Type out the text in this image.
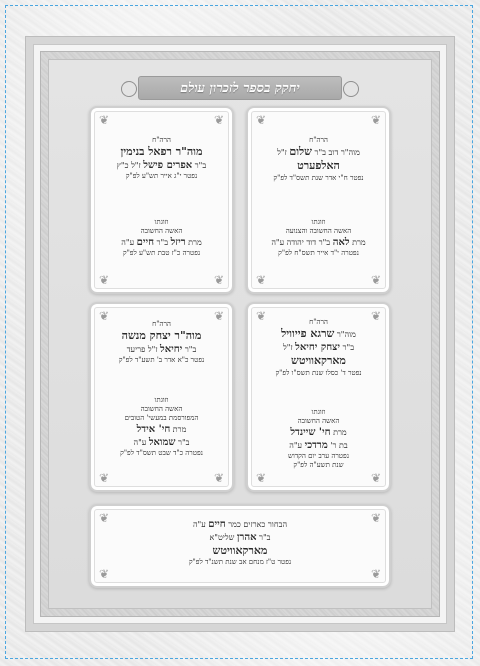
יחקק בספר לזכרון עולם
❦	❦
❦	❦
הרה"ח
מוה"ר דוב ב"ר שלום ז"ל
האלפערט
נפטר ח"י אדר שנת תשס"ד לפ"ק
וזוגתו
האשה החשובה והצנועה
מרת לאה ב"ר דוד יהודה ע"ה
נפטרה י"ד אייר תשס"ח לפ"ק
❦	❦
❦	❦
הרה"ח
מוה"ר רפאל בנימין
ב"ר אפרים פישל ז"ל כ"ץ
נפטר י"ג אייר תש"ע לפ"ק
וזוגתו
האשה החשובה
מרת ריזל ב"ר חיים ע"ה
נפטרה כ"ז טבת תש"ע לפ"ק
❦	❦
❦	❦
הרה"ח
מוה"ר שרגא פייוויל
ב"ר יצחק יחיאל ז"ל
מארקאוויטש
נפטר ד' כסלו שנת תשס"ו לפ"ק
וזוגתו
האשה החשובה
מרת חי' שיינדל
בת ר' מרדכי ע"ה
נפטרה ערב יום הקדוש
שנת תשע"ה לפ"ק
❦	❦
❦	❦
הרה"ח
מוה"ר יצחק מנשה
ב"ר יחיאל ז"ל פריעד
נפטר כ"א אדר ב' תשע"ד לפ"ק
וזוגתו
האשה החשובה
המפורסמת במעשי' הטובים
מרת חי' אידל
ב"ר שמואל ע"ה
נפטרה כ"ד שבט תשס"ד לפ"ק
❦	❦
❦	❦
הבחור כארזים כמר חיים ע"ה
ב"ר אהרן שליט"א
מארקאוויטש
נפטר ט"ז מנחם אב שנת תשנ"ד לפ"ק
